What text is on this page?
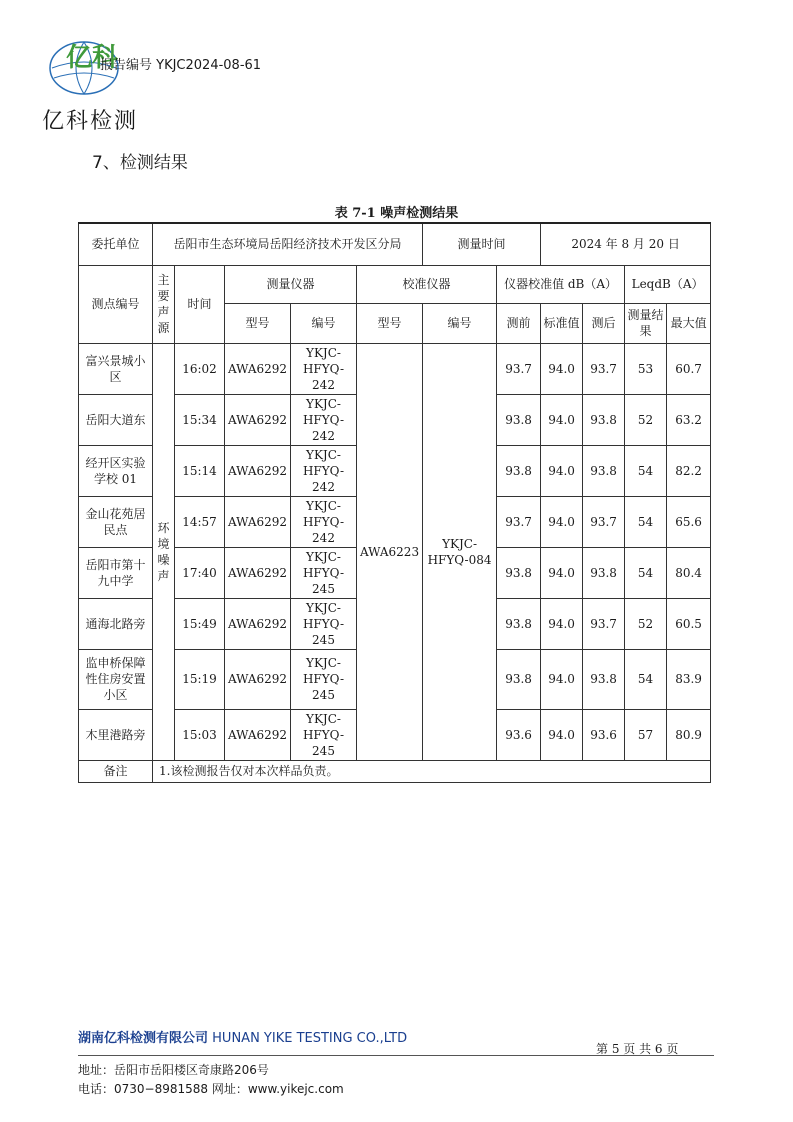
亿科
报告编号 YKJC2024-08-61
亿科检测
7、检测结果
表 7-1 噪声检测结果
委托单位	岳阳市生态环境局岳阳经济技术开发区分局					测量时间		2024 年 8 月 20 日			
测点编号	主要声源	时间	测量仪器		校准仪器		仪器校准值 dB（A）			LeqdB（A）	
			型号	编号	型号	编号	测前	标准值	测后	测量结果	最大值
富兴景城小区	环境噪声	16:02	AWA6292	YKJC-HFYQ-242	AWA6223	YKJC-HFYQ-084	93.7	94.0	93.7	53	60.7
岳阳大道东		15:34	AWA6292	YKJC-HFYQ-242			93.8	94.0	93.8	52	63.2
经开区实验学校 01		15:14	AWA6292	YKJC-HFYQ-242			93.8	94.0	93.8	54	82.2
金山花苑居民点		14:57	AWA6292	YKJC-HFYQ-242			93.7	94.0	93.7	54	65.6
岳阳市第十九中学		17:40	AWA6292	YKJC-HFYQ-245			93.8	94.0	93.8	54	80.4
通海北路旁		15:49	AWA6292	YKJC-HFYQ-245			93.8	94.0	93.7	52	60.5
监申桥保障性住房安置小区		15:19	AWA6292	YKJC-HFYQ-245			93.8	94.0	93.8	54	83.9
木里港路旁		15:03	AWA6292	YKJC-HFYQ-245			93.6	94.0	93.6	57	80.9
备注	1.该检测报告仅对本次样品负责。										
湖南亿科检测有限公司 HUNAN YIKE TESTING CO.,LTD
第 5 页 共 6 页
地址：岳阳市岳阳楼区奇康路206号
电话：0730−8981588 网址：www.yikejc.com
